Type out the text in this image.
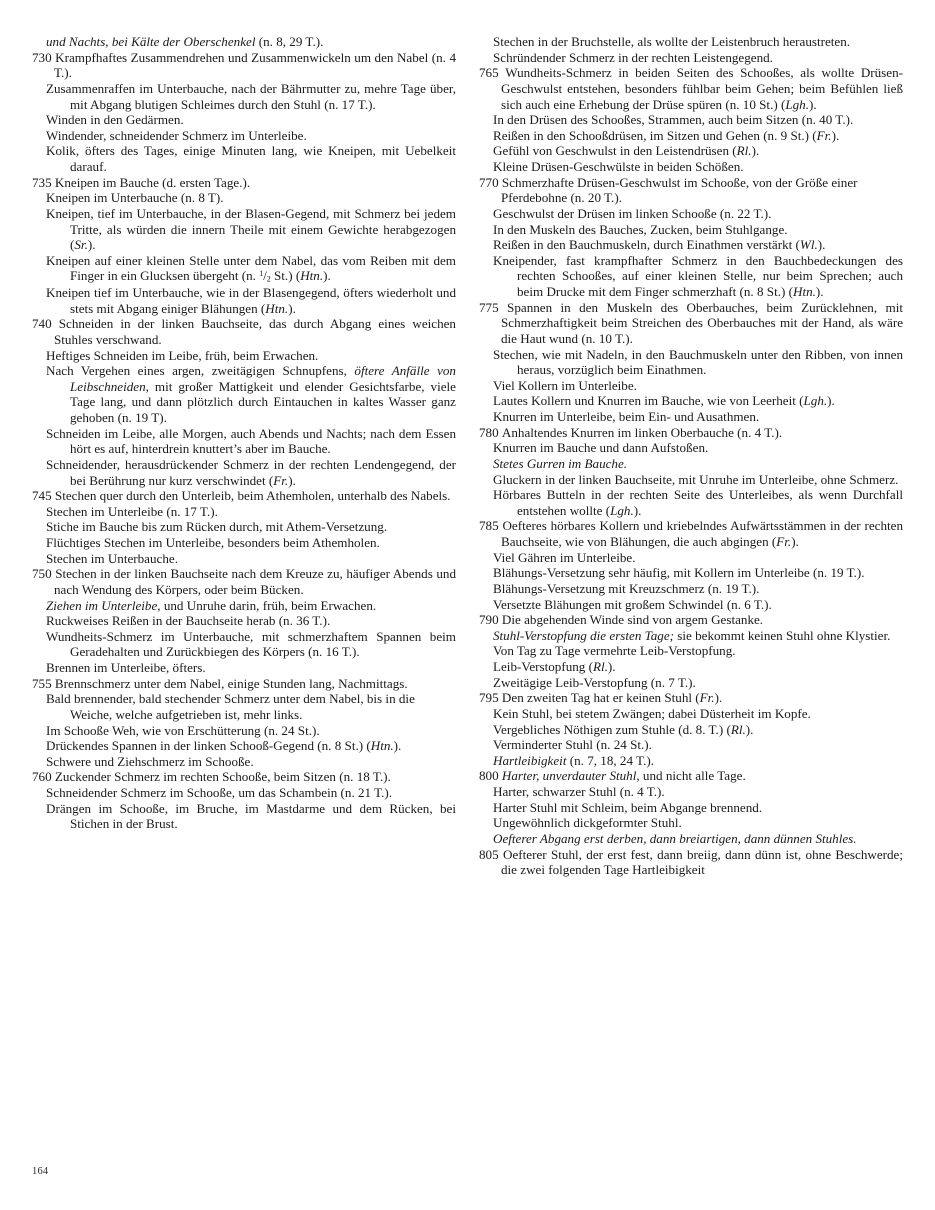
und Nachts, bei Kälte der Oberschenkel (n. 8, 29 T.).

730 Krampfhaftes Zusammendrehen und Zusammenwickeln um den Nabel (n. 4 T.).

Zusammenraffen im Unterbauche, nach der Bährmutter zu, mehre Tage über, mit Abgang blutigen Schleimes durch den Stuhl (n. 17 T.).

Winden in den Gedärmen.

Windender, schneidender Schmerz im Unterleibe.

Kolik, öfters des Tages, einige Minuten lang, wie Kneipen, mit Uebelkeit darauf.

735 Kneipen im Bauche (d. ersten Tage.).

Kneipen im Unterbauche (n. 8 T).

Kneipen, tief im Unterbauche, in der Blasen-Gegend, mit Schmerz bei jedem Tritte, als würden die innern Theile mit einem Gewichte herabgezogen (Sr.).

Kneipen auf einer kleinen Stelle unter dem Nabel, das vom Reiben mit dem Finger in ein Glucksen übergeht (n. $^1/_2$ St.) (Htn.).

Kneipen tief im Unterbauche, wie in der Blasengegend, öfters wiederholt und stets mit Abgang einiger Blähungen (Htn.).

740 Schneiden in der linken Bauchseite, das durch Abgang eines weichen Stuhles verschwand.

Heftiges Schneiden im Leibe, früh, beim Erwachen.

Nach Vergehen eines argen, zweitägigen Schnupfens, öftere Anfälle von Leibschneiden, mit großer Mattigkeit und elender Gesichtsfarbe, viele Tage lang, und dann plötzlich durch Eintauchen in kaltes Wasser ganz gehoben (n. 19 T).

Schneiden im Leibe, alle Morgen, auch Abends und Nachts; nach dem Essen hört es auf, hinterdrein knuttert’s aber im Bauche.

Schneidender, herausdrückender Schmerz in der rechten Lendengegend, der bei Berührung nur kurz verschwindet (Fr.).

745 Stechen quer durch den Unterleib, beim Athemholen, unterhalb des Nabels.

Stechen im Unterleibe (n. 17 T.).

Stiche im Bauche bis zum Rücken durch, mit Athem-Versetzung.

Flüchtiges Stechen im Unterleibe, besonders beim Athemholen.

Stechen im Unterbauche.

750 Stechen in der linken Bauchseite nach dem Kreuze zu, häufiger Abends und nach Wendung des Körpers, oder beim Bücken.

Ziehen im Unterleibe, und Unruhe darin, früh, beim Erwachen.

Ruckweises Reißen in der Bauchseite herab (n. 36 T.).

Wundheits-Schmerz im Unterbauche, mit schmerzhaftem Spannen beim Geradehalten und Zurückbiegen des Körpers (n. 16 T.).

Brennen im Unterleibe, öfters.

755 Brennschmerz unter dem Nabel, einige Stunden lang, Nachmittags.

Bald brennender, bald stechender Schmerz unter dem Nabel, bis in die Weiche, welche aufgetrieben ist, mehr links.

Im Schooße Weh, wie von Erschütterung (n. 24 St.).

Drückendes Spannen in der linken Schooß-Gegend (n. 8 St.) (Htn.).

Schwere und Ziehschmerz im Schooße.

760 Zuckender Schmerz im rechten Schooße, beim Sitzen (n. 18 T.).

Schneidender Schmerz im Schooße, um das Schambein (n. 21 T.).

Drängen im Schooße, im Bruche, im Mastdarme und dem Rücken, bei Stichen in der Brust.

Stechen in der Bruchstelle, als wollte der Leistenbruch heraustreten.

Schründender Schmerz in der rechten Leistengegend.

765 Wundheits-Schmerz in beiden Seiten des Schooßes, als wollte Drüsen-Geschwulst entstehen, besonders fühlbar beim Gehen; beim Befühlen ließ sich auch eine Erhebung der Drüse spüren (n. 10 St.) (Lgh.).

In den Drüsen des Schooßes, Strammen, auch beim Sitzen (n. 40 T.).

Reißen in den Schooßdrüsen, im Sitzen und Gehen (n. 9 St.) (Fr.).

Gefühl von Geschwulst in den Leistendrüsen (Rl.).

Kleine Drüsen-Geschwülste in beiden Schößen.

770 Schmerzhafte Drüsen-Geschwulst im Schooße, von der Größe einer Pferdebohne (n. 20 T.).

Geschwulst der Drüsen im linken Schooße (n. 22 T.).

In den Muskeln des Bauches, Zucken, beim Stuhlgange.

Reißen in den Bauchmuskeln, durch Einathmen verstärkt (Wl.).

Kneipender, fast krampfhafter Schmerz in den Bauchbedeckungen des rechten Schooßes, auf einer kleinen Stelle, nur beim Sprechen; auch beim Drucke mit dem Finger schmerzhaft (n. 8 St.) (Htn.).

775 Spannen in den Muskeln des Oberbauches, beim Zurücklehnen, mit Schmerzhaftigkeit beim Streichen des Oberbauches mit der Hand, als wäre die Haut wund (n. 10 T.).

Stechen, wie mit Nadeln, in den Bauchmuskeln unter den Ribben, von innen heraus, vorzüglich beim Einathmen.

Viel Kollern im Unterleibe.

Lautes Kollern und Knurren im Bauche, wie von Leerheit (Lgh.).

Knurren im Unterleibe, beim Ein- und Ausathmen.

780 Anhaltendes Knurren im linken Oberbauche (n. 4 T.).

Knurren im Bauche und dann Aufstoßen.

Stetes Gurren im Bauche.

Gluckern in der linken Bauchseite, mit Unruhe im Unterleibe, ohne Schmerz.

Hörbares Butteln in der rechten Seite des Unterleibes, als wenn Durchfall entstehen wollte (Lgh.).

785 Oefteres hörbares Kollern und kriebelndes Aufwärtsstämmen in der rechten Bauchseite, wie von Blähungen, die auch abgingen (Fr.).

Viel Gähren im Unterleibe.

Blähungs-Versetzung sehr häufig, mit Kollern im Unterleibe (n. 19 T.).

Blähungs-Versetzung mit Kreuzschmerz (n. 19 T.).

Versetzte Blähungen mit großem Schwindel (n. 6 T.).

790 Die abgehenden Winde sind von argem Gestanke.

Stuhl-Verstopfung die ersten Tage; sie bekommt keinen Stuhl ohne Klystier.

Von Tag zu Tage vermehrte Leib-Verstopfung.

Leib-Verstopfung (Rl.).

Zweitägige Leib-Verstopfung (n. 7 T.).

795 Den zweiten Tag hat er keinen Stuhl (Fr.).

Kein Stuhl, bei stetem Zwängen; dabei Düsterheit im Kopfe.

Vergebliches Nöthigen zum Stuhle (d. 8. T.) (Rl.).

Verminderter Stuhl (n. 24 St.).

Hartleibigkeit (n. 7, 18, 24 T.).

800 Harter, unverdauter Stuhl, und nicht alle Tage.

Harter, schwarzer Stuhl (n. 4 T.).

Harter Stuhl mit Schleim, beim Abgange brennend.

Ungewöhnlich dickgeformter Stuhl.

Oefterer Abgang erst derben, dann breiartigen, dann dünnen Stuhles.

805 Oefterer Stuhl, der erst fest, dann breiig, dann dünn ist, ohne Beschwerde; die zwei folgenden Tage Hartleibigkeit

164
